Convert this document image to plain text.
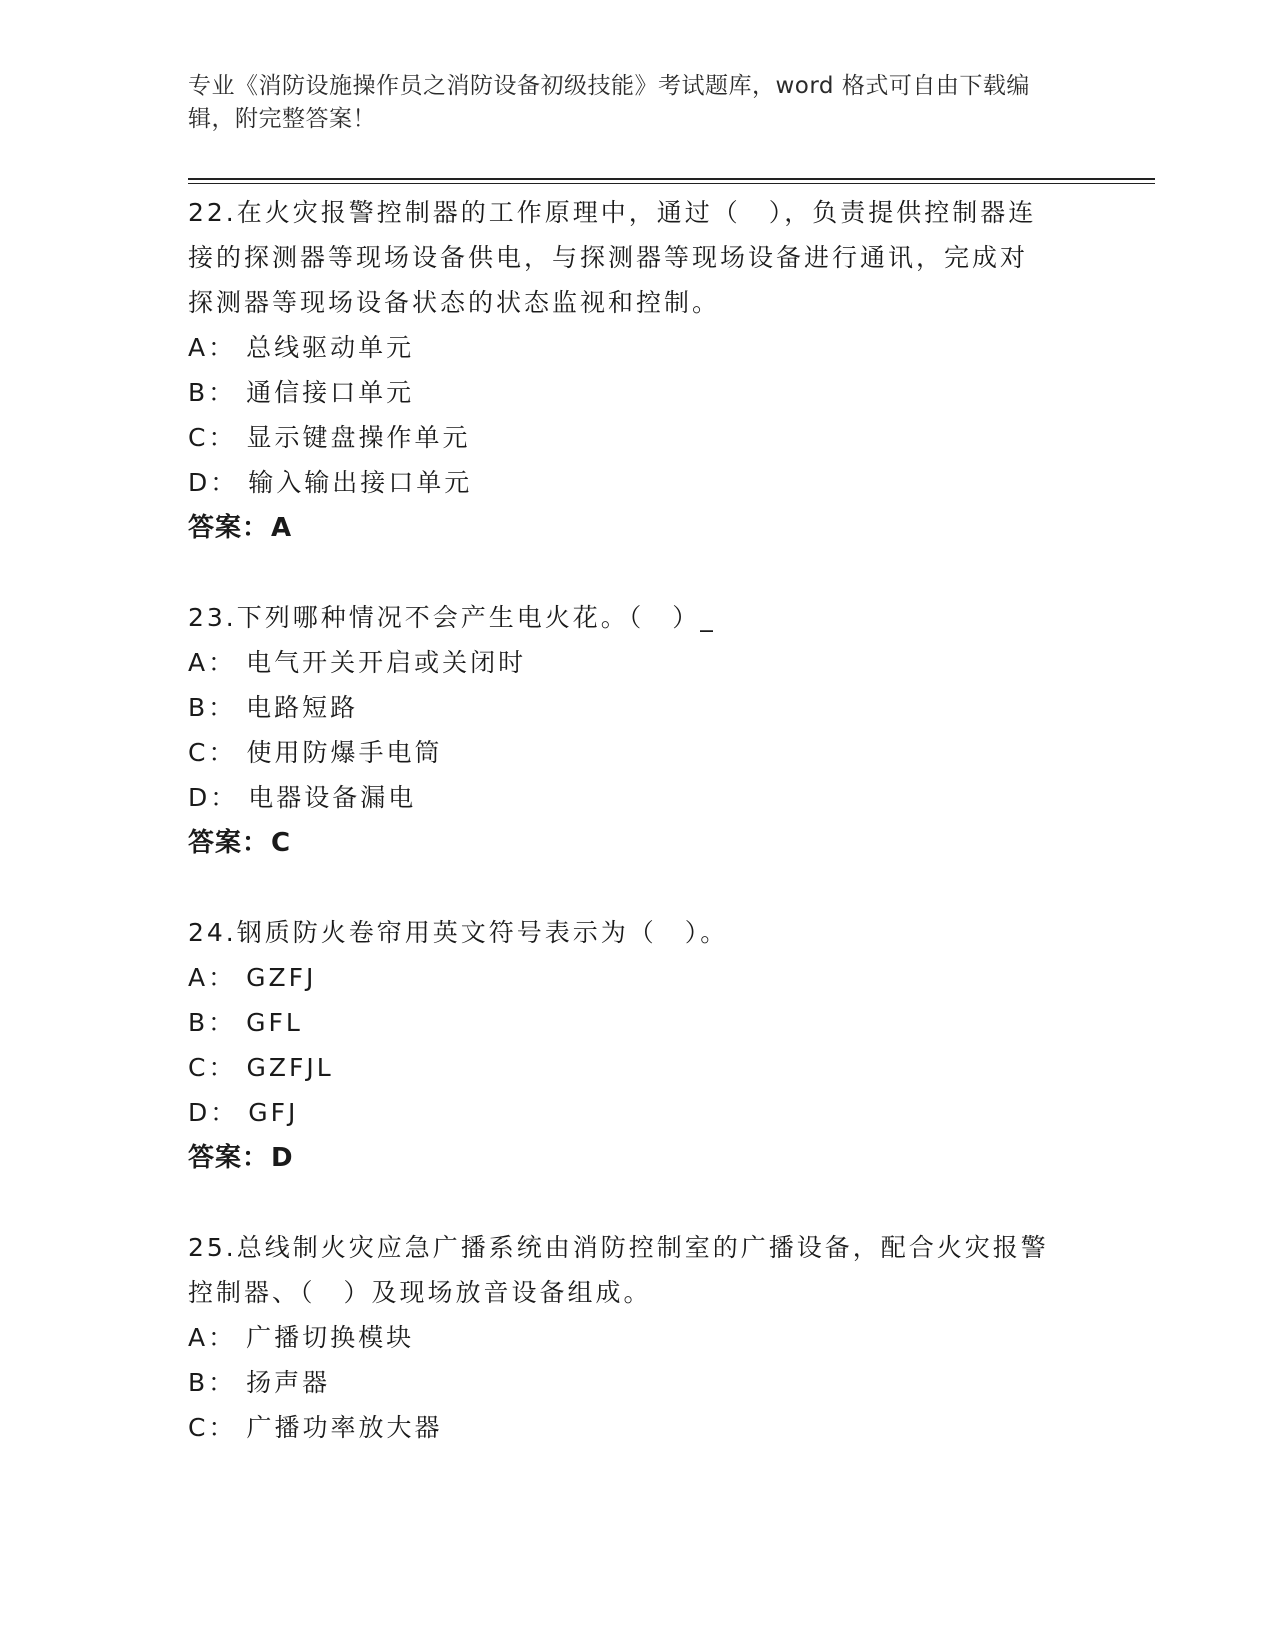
专业《消防设施操作员之消防设备初级技能》考试题库，word 格式可自由下载编
辑，附完整答案！

22.在火灾报警控制器的工作原理中，通过（　），负责提供控制器连

接的探测器等现场设备供电，与探测器等现场设备进行通讯，完成对

探测器等现场设备状态的状态监视和控制。

A： 总线驱动单元

B： 通信接口单元

C： 显示键盘操作单元

D： 输入输出接口单元

答案：A

23.下列哪种情况不会产生电火花。（　）_

A： 电气开关开启或关闭时

B： 电路短路

C： 使用防爆手电筒

D： 电器设备漏电

答案：C

24.钢质防火卷帘用英文符号表示为（　）。

A： GZFJ

B： GFL

C： GZFJL

D： GFJ

答案：D

25.总线制火灾应急广播系统由消防控制室的广播设备，配合火灾报警

控制器、（　）及现场放音设备组成。

A： 广播切换模块

B： 扬声器

C： 广播功率放大器
